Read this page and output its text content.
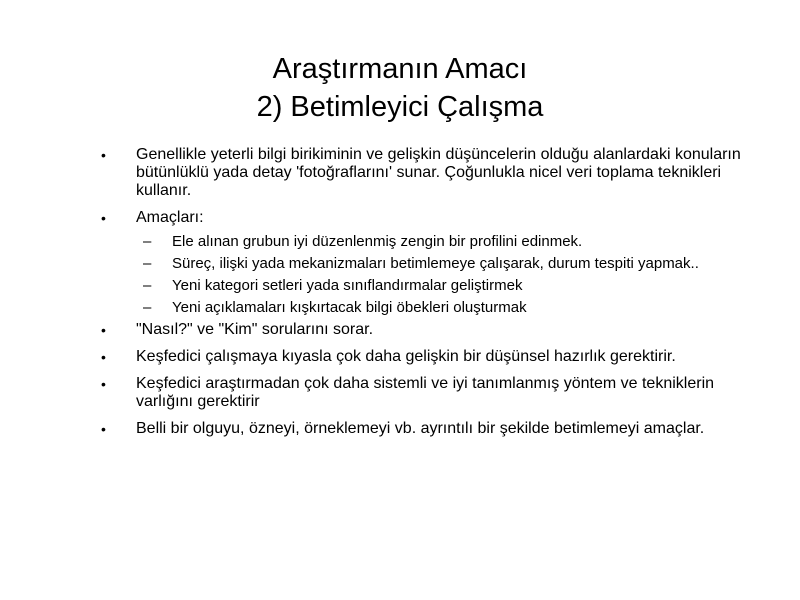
Araştırmanın Amacı
2) Betimleyici Çalışma
• Genellikle yeterli bilgi birikiminin ve gelişkin düşüncelerin olduğu alanlardaki konuların bütünlüklü yada detay 'fotoğraflarını' sunar. Çoğunlukla nicel veri toplama teknikleri kullanır.
• Amaçları:
– Ele alınan grubun iyi düzenlenmiş zengin bir profilini edinmek.
– Süreç, ilişki yada mekanizmaları betimlemeye çalışarak, durum tespiti yapmak..
– Yeni kategori setleri yada sınıflandırmalar geliştirmek
– Yeni açıklamaları kışkırtacak bilgi öbekleri oluşturmak
• "Nasıl?" ve "Kim" sorularını sorar.
• Keşfedici çalışmaya kıyasla çok daha gelişkin bir düşünsel hazırlık gerektirir.
• Keşfedici araştırmadan çok daha sistemli ve iyi tanımlanmış yöntem ve tekniklerin varlığını gerektirir
• Belli bir olguyu, özneyi, örneklemeyi vb. ayrıntılı bir şekilde betimlemeyi amaçlar.
